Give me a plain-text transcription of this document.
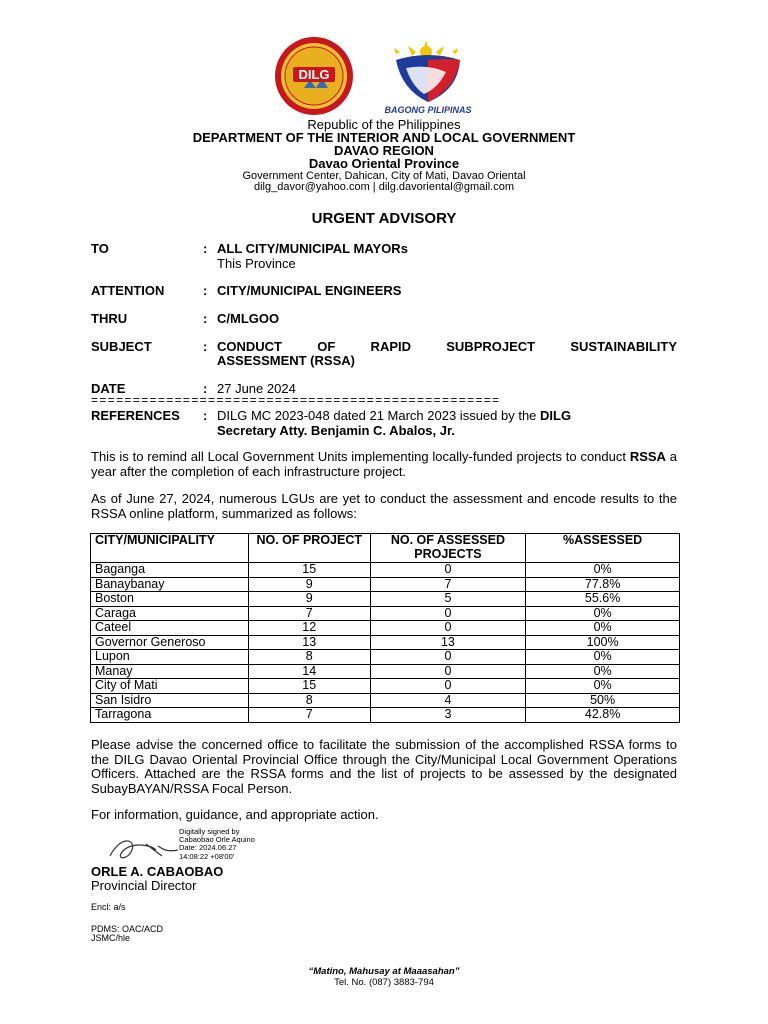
DILG
BAGONG PILIPINAS
Republic of the Philippines
DEPARTMENT OF THE INTERIOR AND LOCAL GOVERNMENT
DAVAO REGION
Davao Oriental Province
Government Center, Dahican, City of Mati, Davao Oriental
dilg_davor@yahoo.com | dilg.davoriental@gmail.com
URGENT ADVISORY
TO	: ALL CITY/MUNICIPAL MAYORs
This Province
ATTENTION	: CITY/MUNICIPAL ENGINEERS
THRU	: C/MLGOO
SUBJECT	: CONDUCT OF RAPID SUBPROJECT SUSTAINABILITY
ASSESSMENT (RSSA)
DATE	: 27 June 2024
=================================================
REFERENCES : DILG MC 2023-048 dated 21 March 2023 issued by the DILG
Secretary Atty. Benjamin C. Abalos, Jr.
This is to remind all Local Government Units implementing locally-funded projects to conduct RSSA a year after the completion of each infrastructure project.
As of June 27, 2024, numerous LGUs are yet to conduct the assessment and encode results to the RSSA online platform, summarized as follows:
CITY/MUNICIPALITY	NO. OF PROJECT	NO. OF ASSESSED PROJECTS	%ASSESSED
Baganga	15	0	0%
Banaybanay	9	7	77.8%
Boston	9	5	55.6%
Caraga	7	0	0%
Cateel	12	0	0%
Governor Generoso	13	13	100%
Lupon	8	0	0%
Manay	14	0	0%
City of Mati	15	0	0%
San Isidro	8	4	50%
Tarragona	7	3	42.8%
Please advise the concerned office to facilitate the submission of the accomplished RSSA forms to the DILG Davao Oriental Provincial Office through the City/Municipal Local Government Operations Officers. Attached are the RSSA forms and the list of projects to be assessed by the designated SubayBAYAN/RSSA Focal Person.
For information, guidance, and appropriate action.
Digitally signed by
Cabaobao Orle Aquino
Date: 2024.06.27
14:08:22 +08'00'
ORLE A. CABAOBAO
Provincial Director
Encl: a/s
PDMS: OAC/ACD
JSMC/hle
“Matino, Mahusay at Maaasahan”
Tel. No. (087) 3883-794
